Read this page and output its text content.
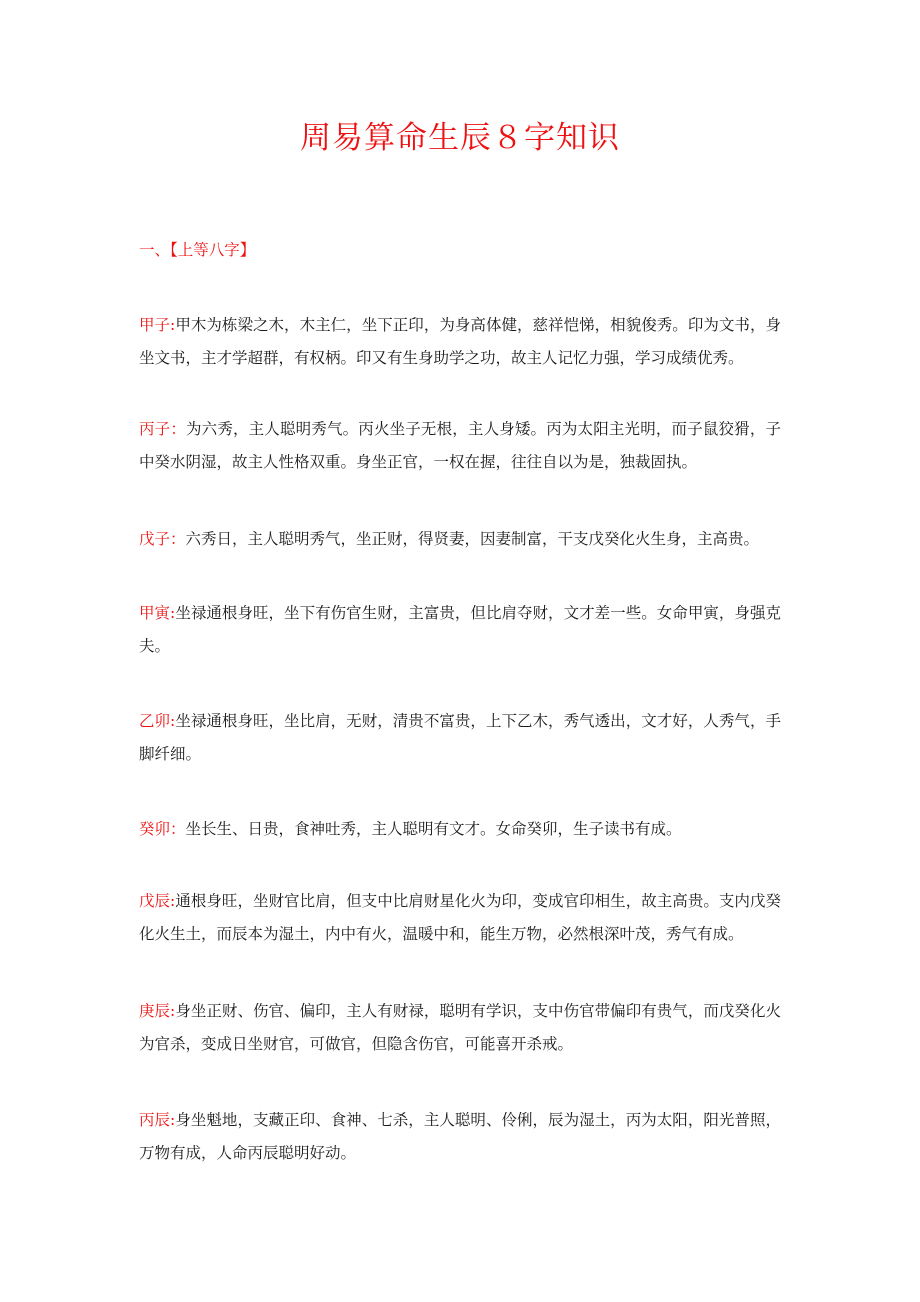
周易算命生辰８字知识
一、【上等八字】

甲子:甲木为栋梁之木，木主仁，坐下正印，为身高体健，慈祥恺悌，相貌俊秀。印为文书，身坐文书，主才学超群，有权柄。印又有生身助学之功，故主人记忆力强，学习成绩优秀。

丙子：为六秀，主人聪明秀气。丙火坐子无根，主人身矮。丙为太阳主光明，而子鼠狡猾，子中癸水阴湿，故主人性格双重。身坐正官，一权在握，往往自以为是，独裁固执。

戊子：六秀日，主人聪明秀气，坐正财，得贤妻，因妻制富，干支戊癸化火生身，主高贵。

甲寅:坐禄通根身旺，坐下有伤官生财，主富贵，但比肩夺财，文才差一些。女命甲寅，身强克夫。

乙卯:坐禄通根身旺，坐比肩，无财，清贵不富贵，上下乙木，秀气透出，文才好，人秀气，手脚纤细。

癸卯：坐长生、日贵，食神吐秀，主人聪明有文才。女命癸卯，生子读书有成。

戊辰:通根身旺，坐财官比肩，但支中比肩财星化火为印，变成官印相生，故主高贵。支内戊癸化火生土，而辰本为湿土，内中有火，温暖中和，能生万物，必然根深叶茂，秀气有成。

庚辰:身坐正财、伤官、偏印，主人有财禄，聪明有学识，支中伤官带偏印有贵气，而戊癸化火为官杀，变成日坐财官，可做官，但隐含伤官，可能喜开杀戒。

丙辰:身坐魁地，支藏正印、食神、七杀，主人聪明、伶俐，辰为湿土，丙为太阳，阳光普照，万物有成，人命丙辰聪明好动。
